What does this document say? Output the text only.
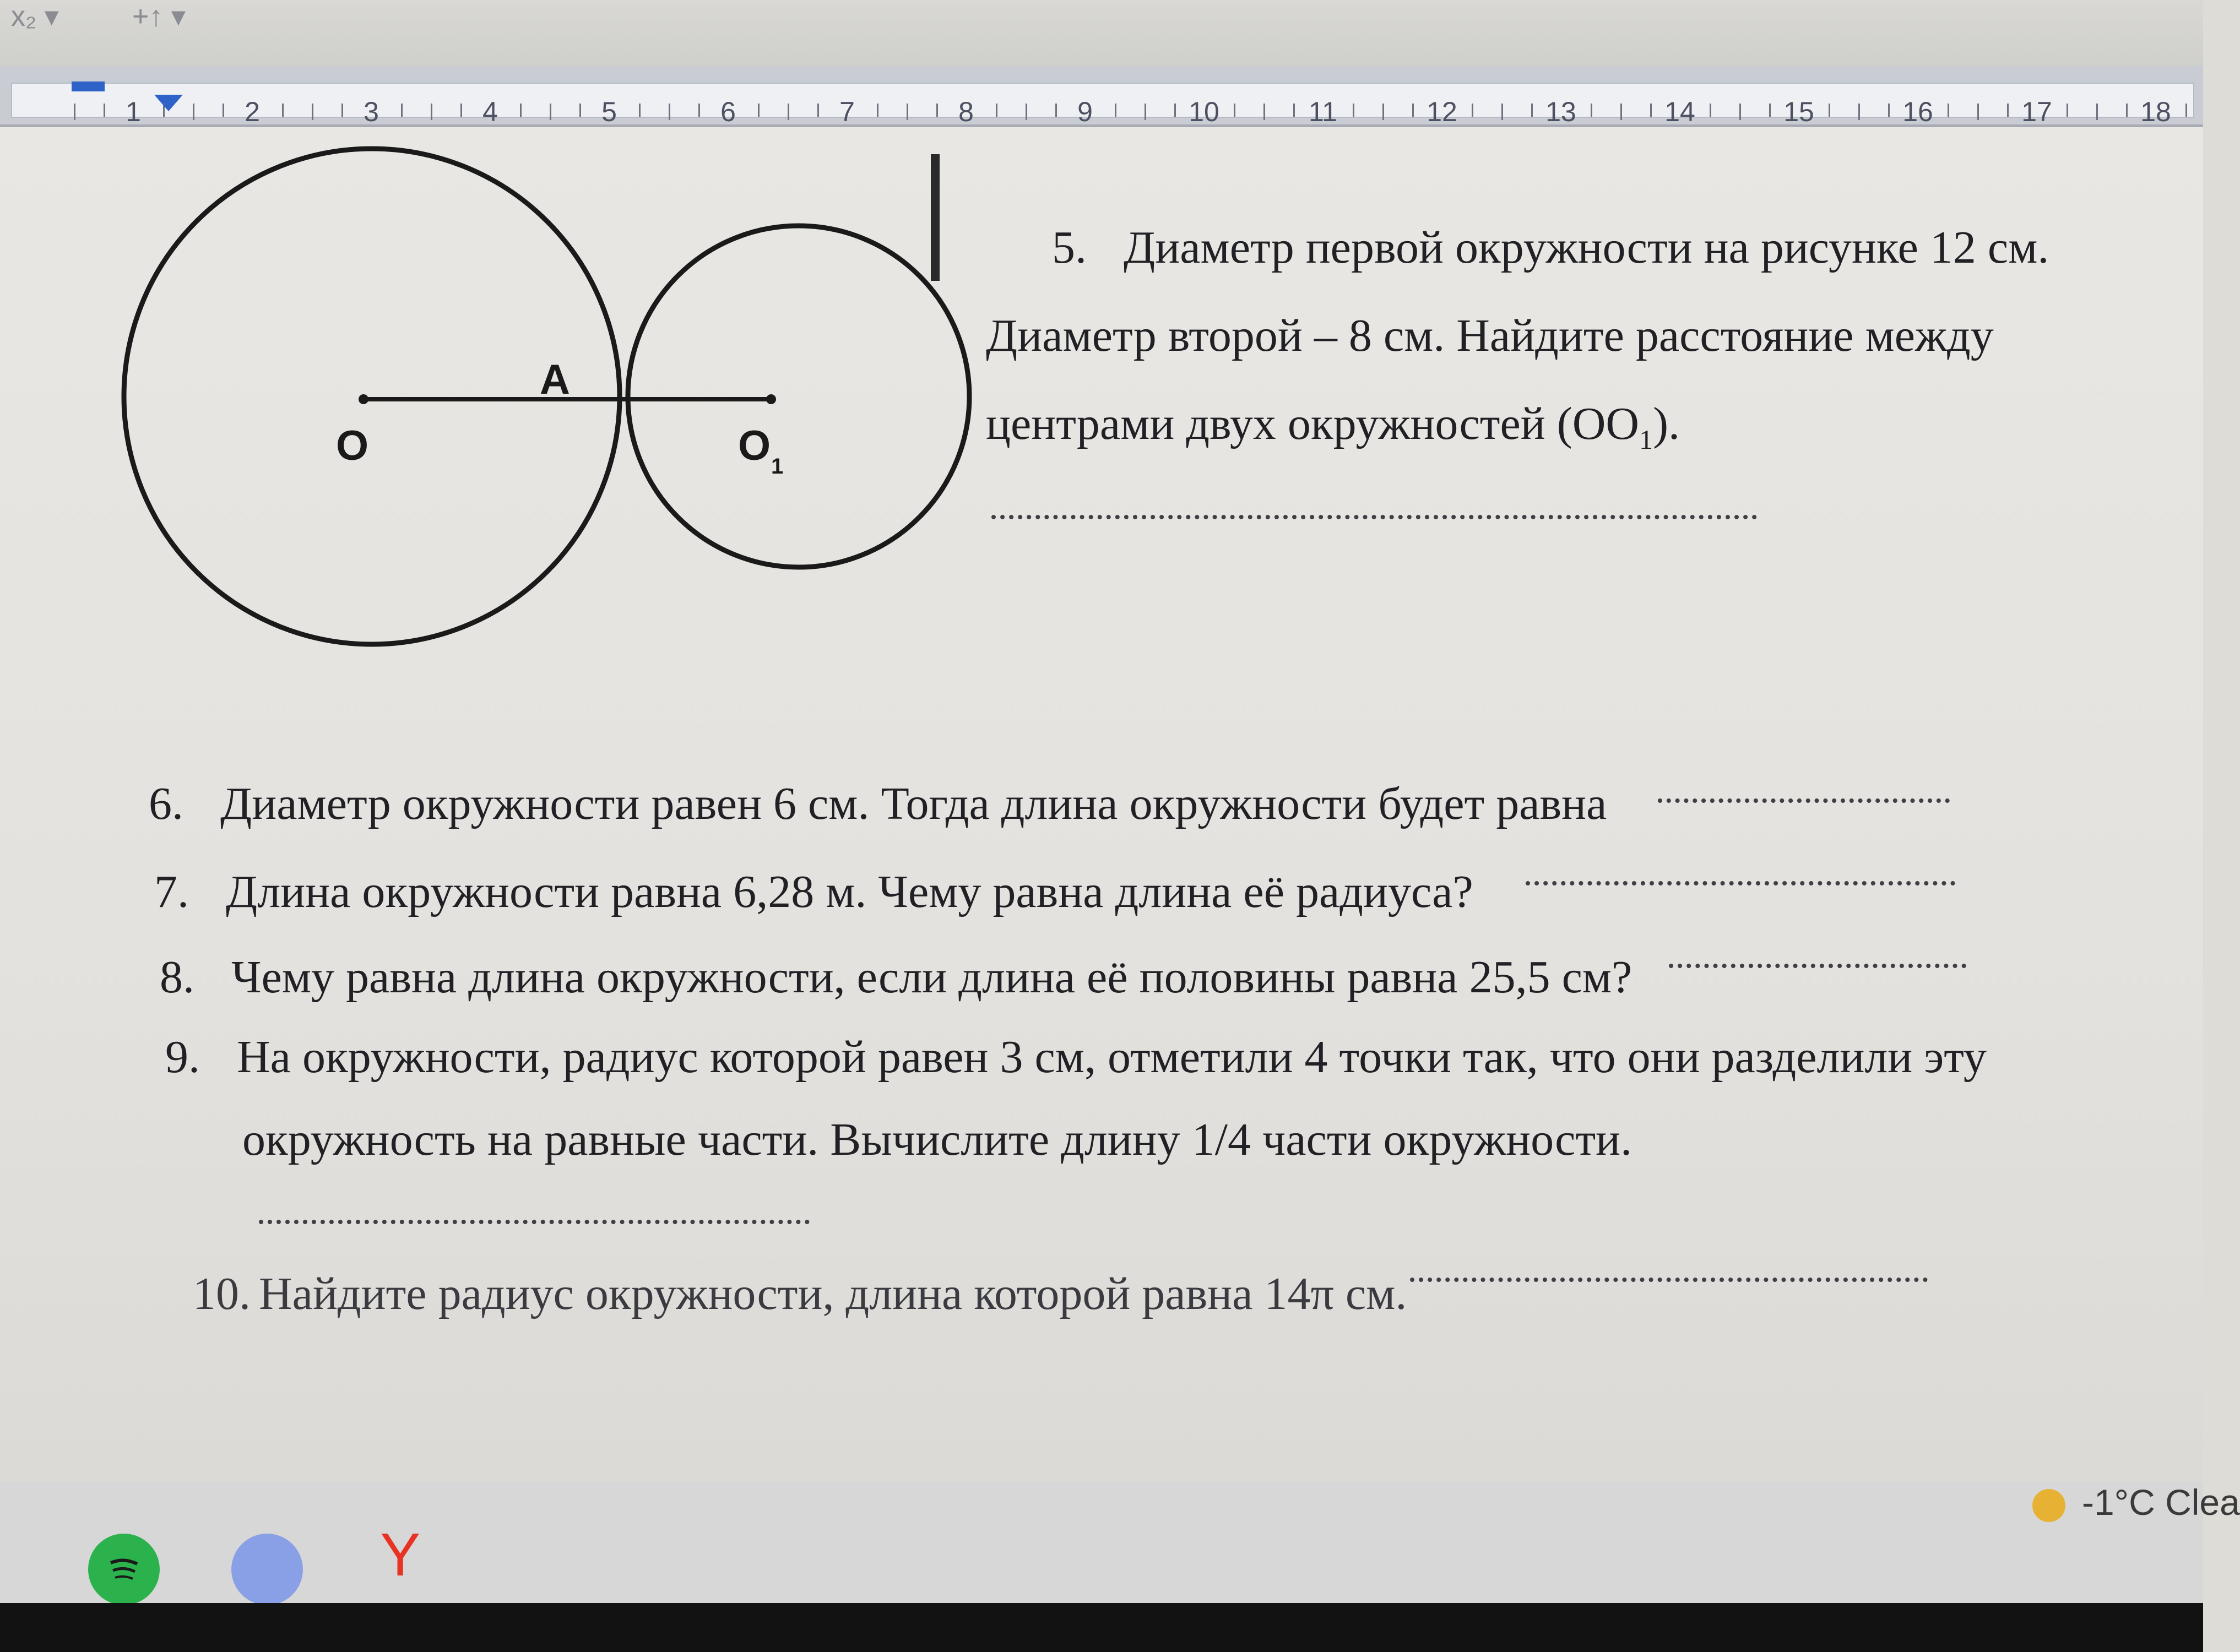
x₂ ▾	+↑ ▾
1	2	3	4	5	6	7	8	9	10	11	12	13	14	15	16	17	18
O
A
O 1
5. Диаметр первой окружности на рисунке 12 см.
Диаметр второй – 8 см. Найдите расстояние между
центрами двух окружностей $(OO_1)$.
6. Диаметр окружности равен 6 см. Тогда длина окружности будет равна
7. Длина окружности равна 6,28 м. Чему равна длина её радиуса?
8. Чему равна длина окружности, если длина её половины равна 25,5 см?
9. На окружности, радиус которой равен 3 см, отметили 4 точки так, что они разделили эту
окружность на равные части. Вычислите длину 1/4 части окружности.
10. Найдите радиус окружности, длина которой равна 14π см.
Y
-1°C Clea
